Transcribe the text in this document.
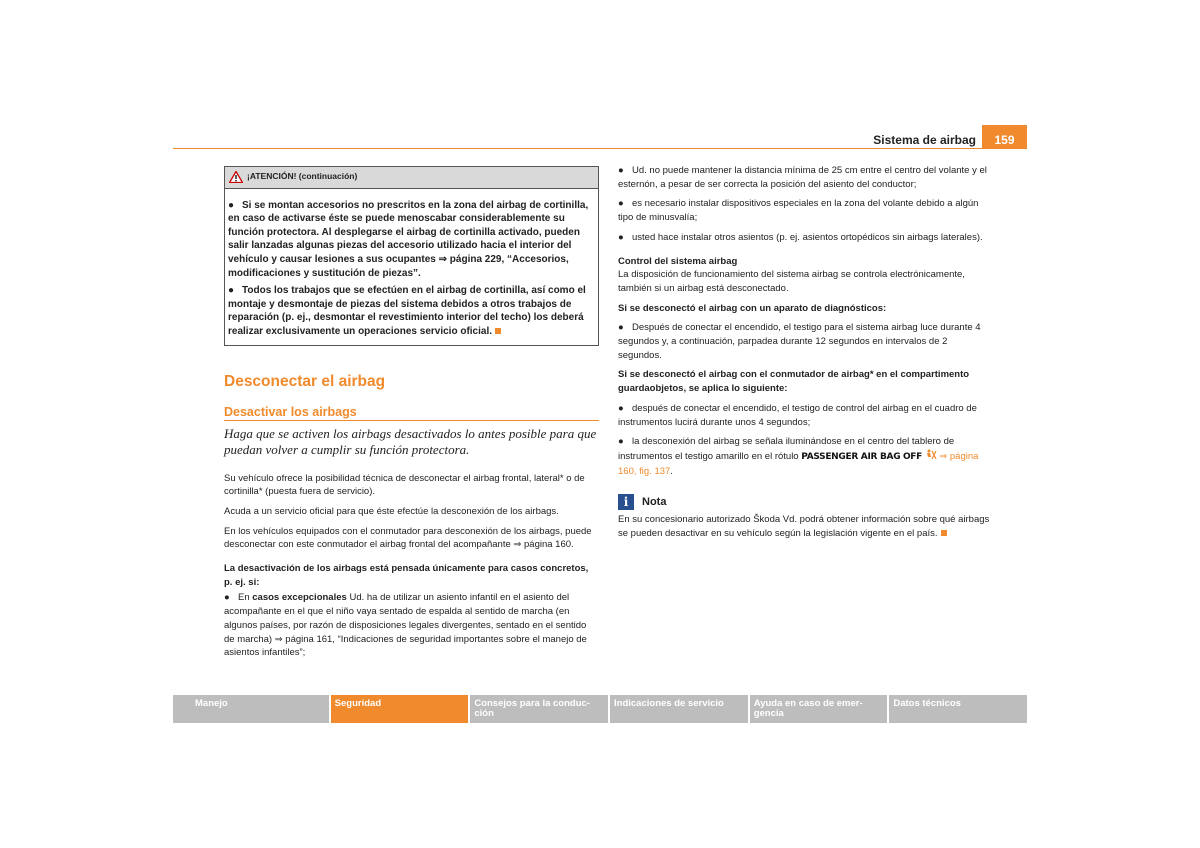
Sistema de airbag	159
¡ATENCIÓN! (continuación)

● Si se montan accesorios no prescritos en la zona del airbag de cortinilla, en caso de activarse éste se puede menoscabar considerablemente su función protectora. Al desplegarse el airbag de cortinilla activado, pueden salir lanzadas algunas piezas del accesorio utilizado hacia el interior del vehículo y causar lesiones a sus ocupantes ⇒ página 229, “Accesorios, modificaciones y sustitución de piezas”.

● Todos los trabajos que se efectúen en el airbag de cortinilla, así como el montaje y desmontaje de piezas del sistema debidos a otros trabajos de reparación (p. ej., desmontar el revestimiento interior del techo) los deberá realizar exclusivamente un operaciones servicio oficial.

Desconectar el airbag
Desactivar los airbags
Haga que se activen los airbags desactivados lo antes posible para que puedan volver a cumplir su función protectora.

Su vehículo ofrece la posibilidad técnica de desconectar el airbag frontal, lateral* o de cortinilla* (puesta fuera de servicio).

Acuda a un servicio oficial para que éste efectúe la desconexión de los airbags.

En los vehículos equipados con el conmutador para desconexión de los airbags, puede desconectar con este conmutador el airbag frontal del acompañante ⇒ página 160.

La desactivación de los airbags está pensada únicamente para casos concretos, p. ej. si:

● En casos excepcionales Ud. ha de utilizar un asiento infantil en el asiento del acompañante en el que el niño vaya sentado de espalda al sentido de marcha (en algunos países, por razón de disposiciones legales divergentes, sentado en el sentido de marcha) ⇒ página 161, “Indicaciones de seguridad importantes sobre el manejo de asientos infantiles”;

● Ud. no puede mantener la distancia mínima de 25 cm entre el centro del volante y el esternón, a pesar de ser correcta la posición del asiento del conductor;

● es necesario instalar dispositivos especiales en la zona del volante debido a algún tipo de minusvalía;

● usted hace instalar otros asientos (p. ej. asientos ortopédicos sin airbags laterales).

Control del sistema airbag

La disposición de funcionamiento del sistema airbag se controla electrónicamente, también si un airbag está desconectado.

Si se desconectó el airbag con un aparato de diagnósticos:

● Después de conectar el encendido, el testigo para el sistema airbag luce durante 4 segundos y, a continuación, parpadea durante 12 segundos en intervalos de 2 segundos.

Si se desconectó el airbag con el conmutador de airbag* en el compartimento guardaobjetos, se aplica lo siguiente:

● después de conectar el encendido, el testigo de control del airbag en el cuadro de instrumentos lucirá durante unos 4 segundos;

● la desconexión del airbag se señala iluminándose en el centro del tablero de instrumentos el testigo amarillo en el rótulo PASSENGER AIR BAG OFF  ⇒ página 160, fig. 137.

i	Nota

En su concesionario autorizado Škoda Vd. podrá obtener información sobre qué airbags se pueden desactivar en su vehículo según la legislación vigente en el país.

Manejo	Seguridad	Consejos para la conduc-
ción
Indicaciones de servicio	Ayuda en caso de emer-
gencia
Datos técnicos
